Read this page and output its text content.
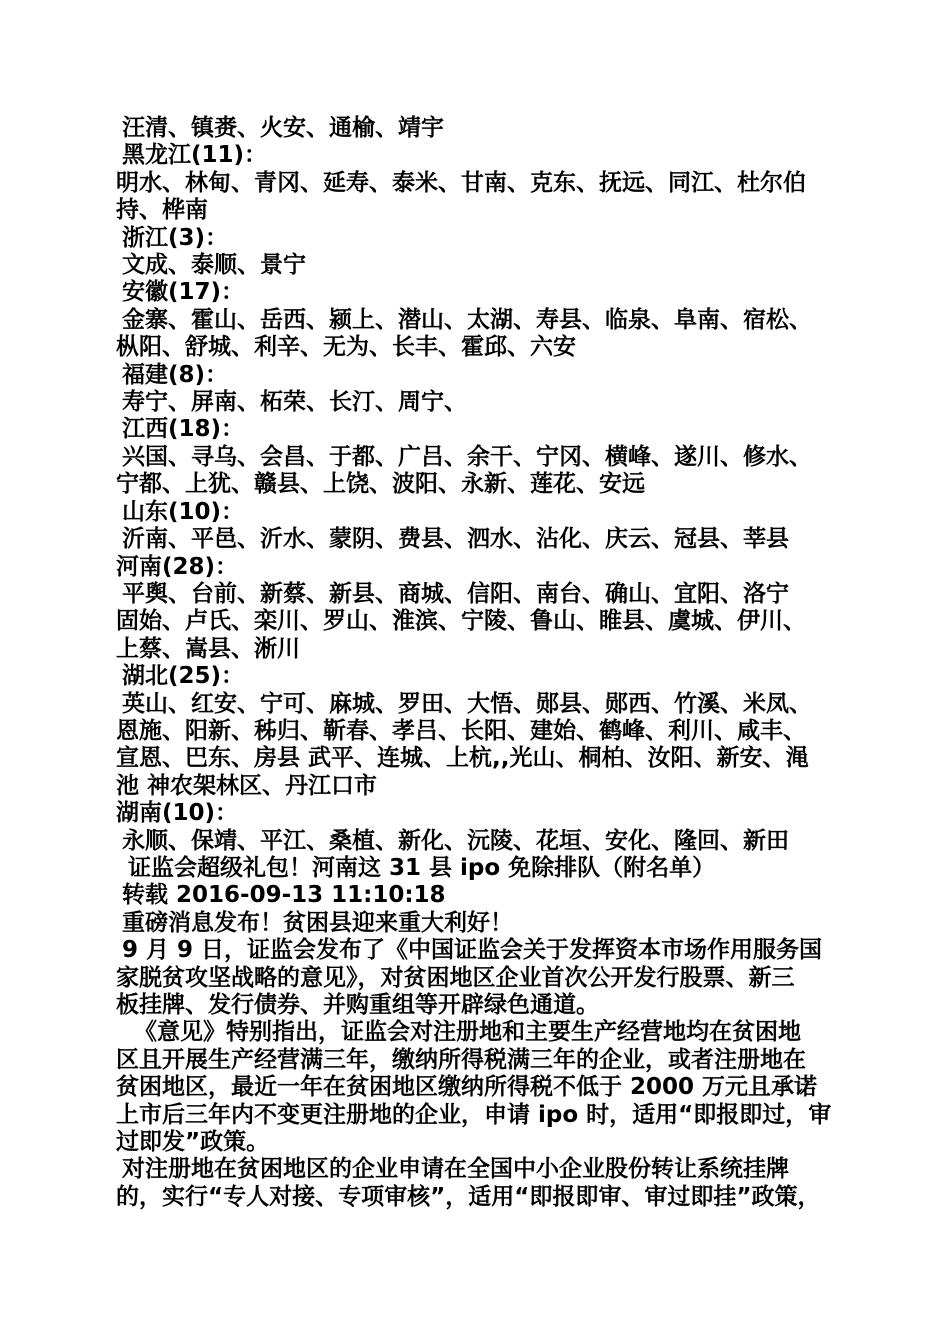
汪清、镇赉、火安、通榆、靖宇
黑龙江(11)：
明水、林甸、青冈、延寿、泰米、甘南、克东、抚远、同江、杜尔伯
持、桦南
浙江(3)：
文成、泰顺、景宁
安徽(17)：
金寨、霍山、岳西、颍上、潜山、太湖、寿县、临泉、阜南、宿松、
枞阳、舒城、利辛、无为、长丰、霍邱、六安
福建(8)：
寿宁、屏南、柘荣、长汀、周宁、
江西(18)：
兴国、寻乌、会昌、于都、广吕、余干、宁冈、横峰、遂川、修水、
宁都、上犹、赣县、上饶、波阳、永新、莲花、安远
山东(10)：
沂南、平邑、沂水、蒙阴、费县、泗水、沾化、庆云、冠县、莘县
河南(28)：
平舆、台前、新蔡、新县、商城、信阳、南台、确山、宜阳、洛宁
固始、卢氏、栾川、罗山、淮滨、宁陵、鲁山、睢县、虞城、伊川、
上蔡、嵩县、淅川
湖北(25)：
英山、红安、宁可、麻城、罗田、大悟、郧县、郧西、竹溪、米凤、
恩施、阳新、秭归、靳春、孝吕、长阳、建始、鹤峰、利川、咸丰、
宣恩、巴东、房县 武平、连城、上杭,,光山、桐柏、汝阳、新安、渑
池 神农架林区、丹江口市
湖南(10)：
永顺、保靖、平江、桑植、新化、沅陵、花垣、安化、隆回、新田
证监会超级礼包！河南这 31 县 ipo 免除排队（附名单）
转载 2016-09-13 11:10:18
重磅消息发布！贫困县迎来重大利好！
9 月 9 日，证监会发布了《中国证监会关于发挥资本市场作用服务国
家脱贫攻坚战略的意见》，对贫困地区企业首次公开发行股票、新三
板挂牌、发行债券、并购重组等开辟绿色通道。
《意见》特别指出，证监会对注册地和主要生产经营地均在贫困地
区且开展生产经营满三年，缴纳所得税满三年的企业，或者注册地在
贫困地区，最近一年在贫困地区缴纳所得税不低于 2000 万元且承诺
上市后三年内不变更注册地的企业，申请 ipo 时，适用“即报即过，审
过即发”政策。
对注册地在贫困地区的企业申请在全国中小企业股份转让系统挂牌
的，实行“专人对接、专项审核”，适用“即报即审、审过即挂”政策，
